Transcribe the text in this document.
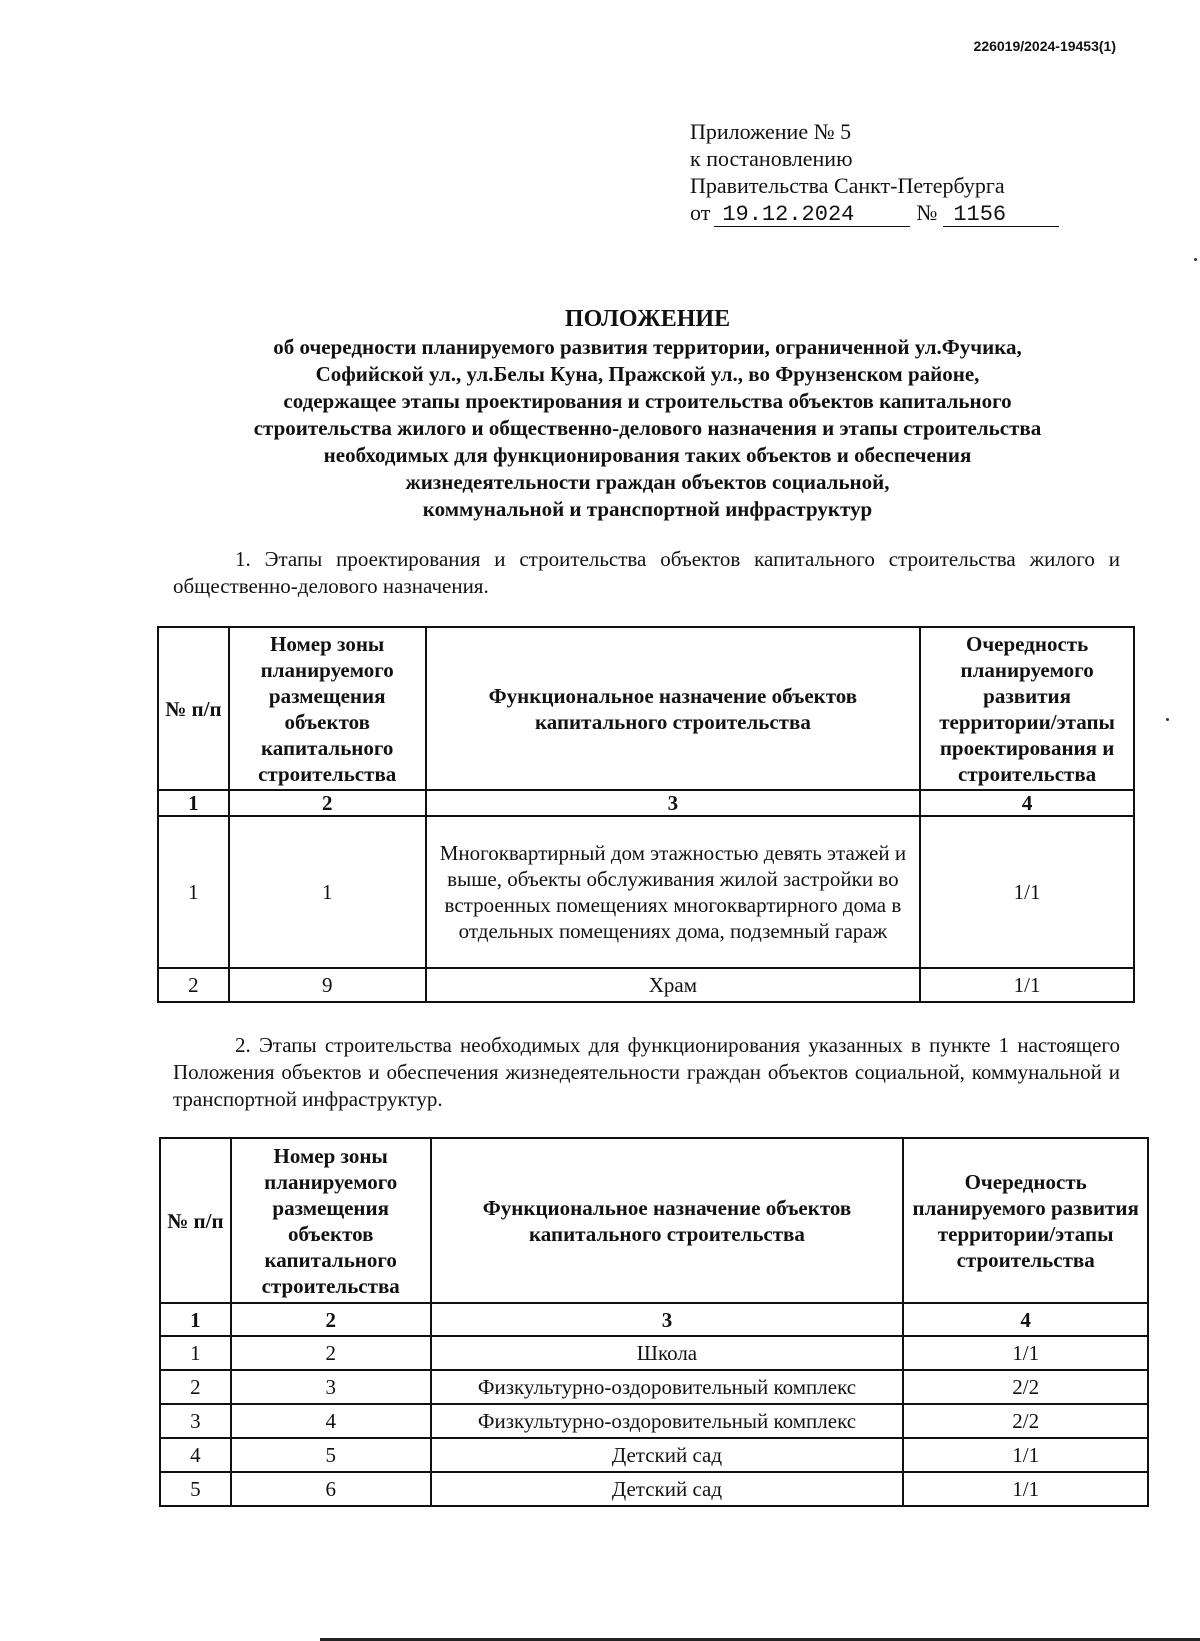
226019/2024-19453(1)
Приложение № 5
к постановлению
Правительства Санкт-Петербурга
от 19.12.2024	№ 1156
ПОЛОЖЕНИЕ

об очередности планируемого развития территории, ограниченной ул.Фучика,

Софийской ул., ул.Белы Куна, Пражской ул., во Фрунзенском районе,

содержащее этапы проектирования и строительства объектов капитального

строительства жилого и общественно-делового назначения и этапы строительства

необходимых для функционирования таких объектов и обеспечения

жизнедеятельности граждан объектов социальной,

коммунальной и транспортной инфраструктур

1. Этапы проектирования и строительства объектов капитального строительства жилого и общественно-делового назначения.
№ п/п	Номер зоны планируемого размещения объектов капитального строительства	Функциональное назначение объектов капитального строительства	Очередность планируемого развития территории/этапы проектирования и строительства
1	2	3	4
1	1	Многоквартирный дом этажностью девять этажей и выше, объекты обслуживания жилой застройки во встроенных помещениях многоквартирного дома в отдельных помещениях дома, подземный гараж	1/1
2	9	Храм	1/1
2. Этапы строительства необходимых для функционирования указанных в пункте 1 настоящего Положения объектов и обеспечения жизнедеятельности граждан объектов социальной, коммунальной и транспортной инфраструктур.
№ п/п	Номер зоны планируемого размещения объектов капитального строительства	Функциональное назначение объектов капитального строительства	Очередность планируемого развития территории/этапы строительства
1	2	3	4
1	2	Школа	1/1
2	3	Физкультурно-оздоровительный комплекс	2/2
3	4	Физкультурно-оздоровительный комплекс	2/2
4	5	Детский сад	1/1
5	6	Детский сад	1/1
